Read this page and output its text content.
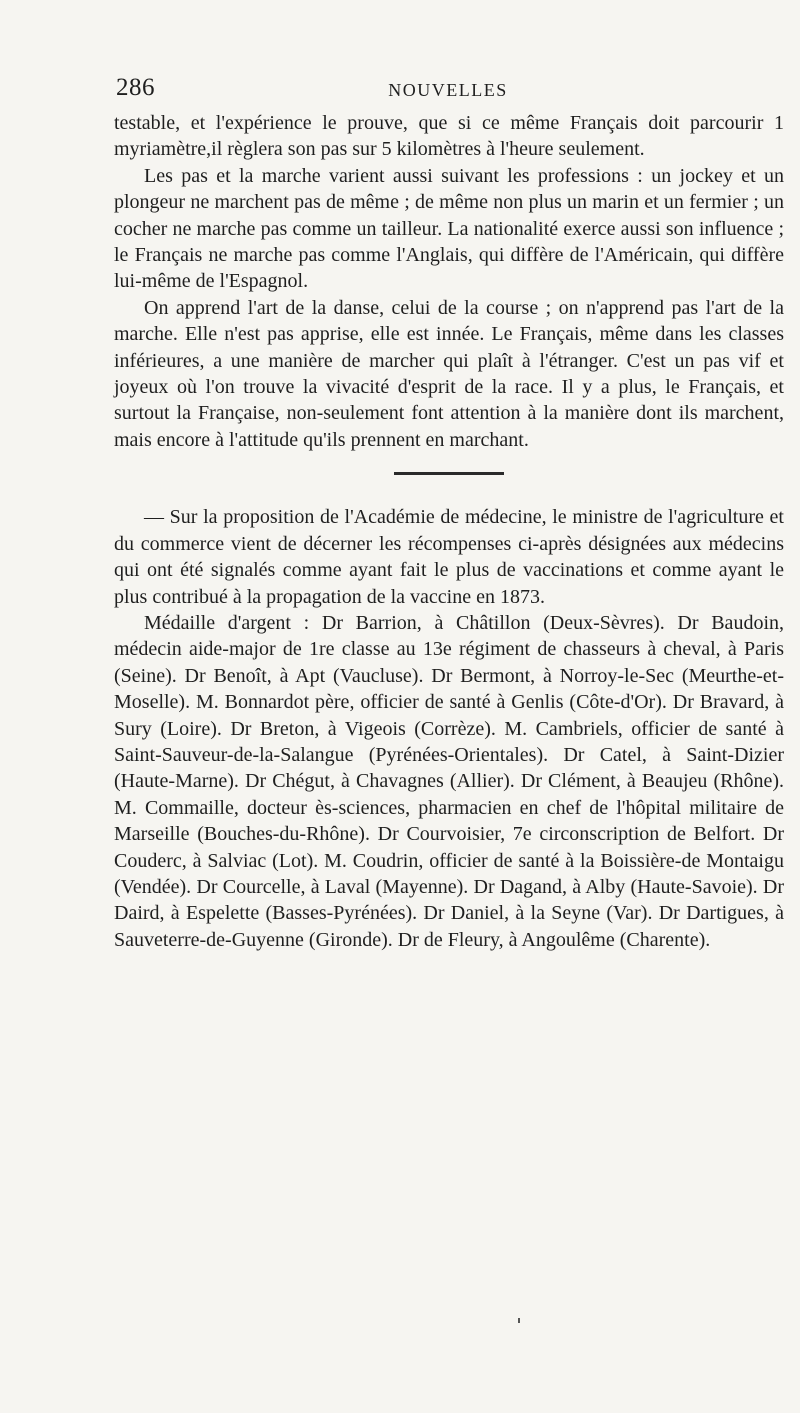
286	NOUVELLES

testable, et l'expérience le prouve, que si ce même Français doit parcourir 1 myriamètre,il règlera son pas sur 5 kilomètres à l'heure seulement.

Les pas et la marche varient aussi suivant les professions : un jockey et un plongeur ne marchent pas de même ; de même non plus un marin et un fermier ; un cocher ne marche pas comme un tailleur. La nationalité exerce aussi son influence ; le Français ne marche pas comme l'Anglais, qui diffère de l'Américain, qui diffère lui-même de l'Espagnol.

On apprend l'art de la danse, celui de la course ; on n'apprend pas l'art de la marche. Elle n'est pas apprise, elle est innée. Le Français, même dans les classes inférieures, a une manière de marcher qui plaît à l'étranger. C'est un pas vif et joyeux où l'on trouve la vivacité d'esprit de la race. Il y a plus, le Français, et surtout la Française, non-seulement font attention à la manière dont ils marchent, mais encore à l'attitude qu'ils prennent en marchant.

— Sur la proposition de l'Académie de médecine, le ministre de l'agriculture et du commerce vient de décerner les récompenses ci-après désignées aux médecins qui ont été signalés comme ayant fait le plus de vaccinations et comme ayant le plus contribué à la propagation de la vaccine en 1873.

Médaille d'argent : Dr Barrion, à Châtillon (Deux-Sèvres). Dr Baudoin, médecin aide-major de 1re classe au 13e régiment de chasseurs à cheval, à Paris (Seine). Dr Benoît, à Apt (Vaucluse). Dr Bermont, à Norroy-le-Sec (Meurthe-et-Moselle). M. Bonnardot père, officier de santé à Genlis (Côte-d'Or). Dr Bravard, à Sury (Loire). Dr Breton, à Vigeois (Corrèze). M. Cambriels, officier de santé à Saint-Sauveur-de-la-Salangue (Pyrénées-Orientales). Dr Catel, à Saint-Dizier (Haute-Marne). Dr Chégut, à Chavagnes (Allier). Dr Clément, à Beaujeu (Rhône). M. Commaille, docteur ès-sciences, pharmacien en chef de l'hôpital militaire de Marseille (Bouches-du-Rhône). Dr Courvoisier, 7e circonscription de Belfort. Dr Couderc, à Salviac (Lot). M. Coudrin, officier de santé à la Boissière-de Montaigu (Vendée). Dr Courcelle, à Laval (Mayenne). Dr Dagand, à Alby (Haute-Savoie). Dr Daird, à Espelette (Basses-Pyrénées). Dr Daniel, à la Seyne (Var). Dr Dartigues, à Sauveterre-de-Guyenne (Gironde). Dr de Fleury, à Angoulême (Charente).
